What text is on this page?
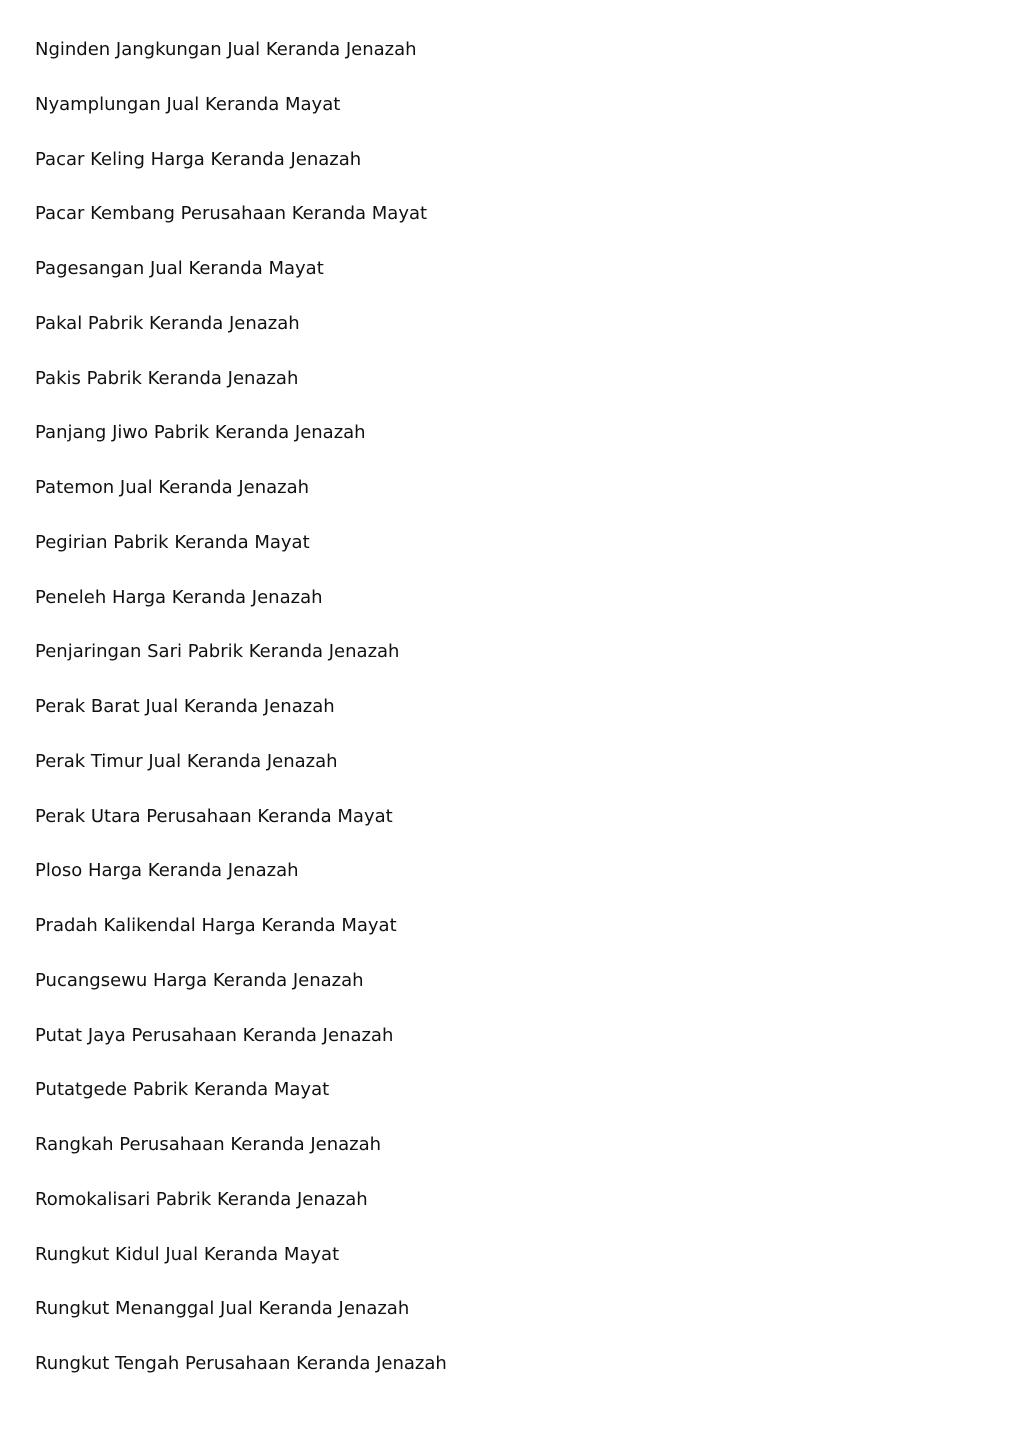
Nginden Jangkungan Jual Keranda Jenazah
Nyamplungan Jual Keranda Mayat
Pacar Keling Harga Keranda Jenazah
Pacar Kembang Perusahaan Keranda Mayat
Pagesangan Jual Keranda Mayat
Pakal Pabrik Keranda Jenazah
Pakis Pabrik Keranda Jenazah
Panjang Jiwo Pabrik Keranda Jenazah
Patemon Jual Keranda Jenazah
Pegirian Pabrik Keranda Mayat
Peneleh Harga Keranda Jenazah
Penjaringan Sari Pabrik Keranda Jenazah
Perak Barat Jual Keranda Jenazah
Perak Timur Jual Keranda Jenazah
Perak Utara Perusahaan Keranda Mayat
Ploso Harga Keranda Jenazah
Pradah Kalikendal Harga Keranda Mayat
Pucangsewu Harga Keranda Jenazah
Putat Jaya Perusahaan Keranda Jenazah
Putatgede Pabrik Keranda Mayat
Rangkah Perusahaan Keranda Jenazah
Romokalisari Pabrik Keranda Jenazah
Rungkut Kidul Jual Keranda Mayat
Rungkut Menanggal Jual Keranda Jenazah
Rungkut Tengah Perusahaan Keranda Jenazah
